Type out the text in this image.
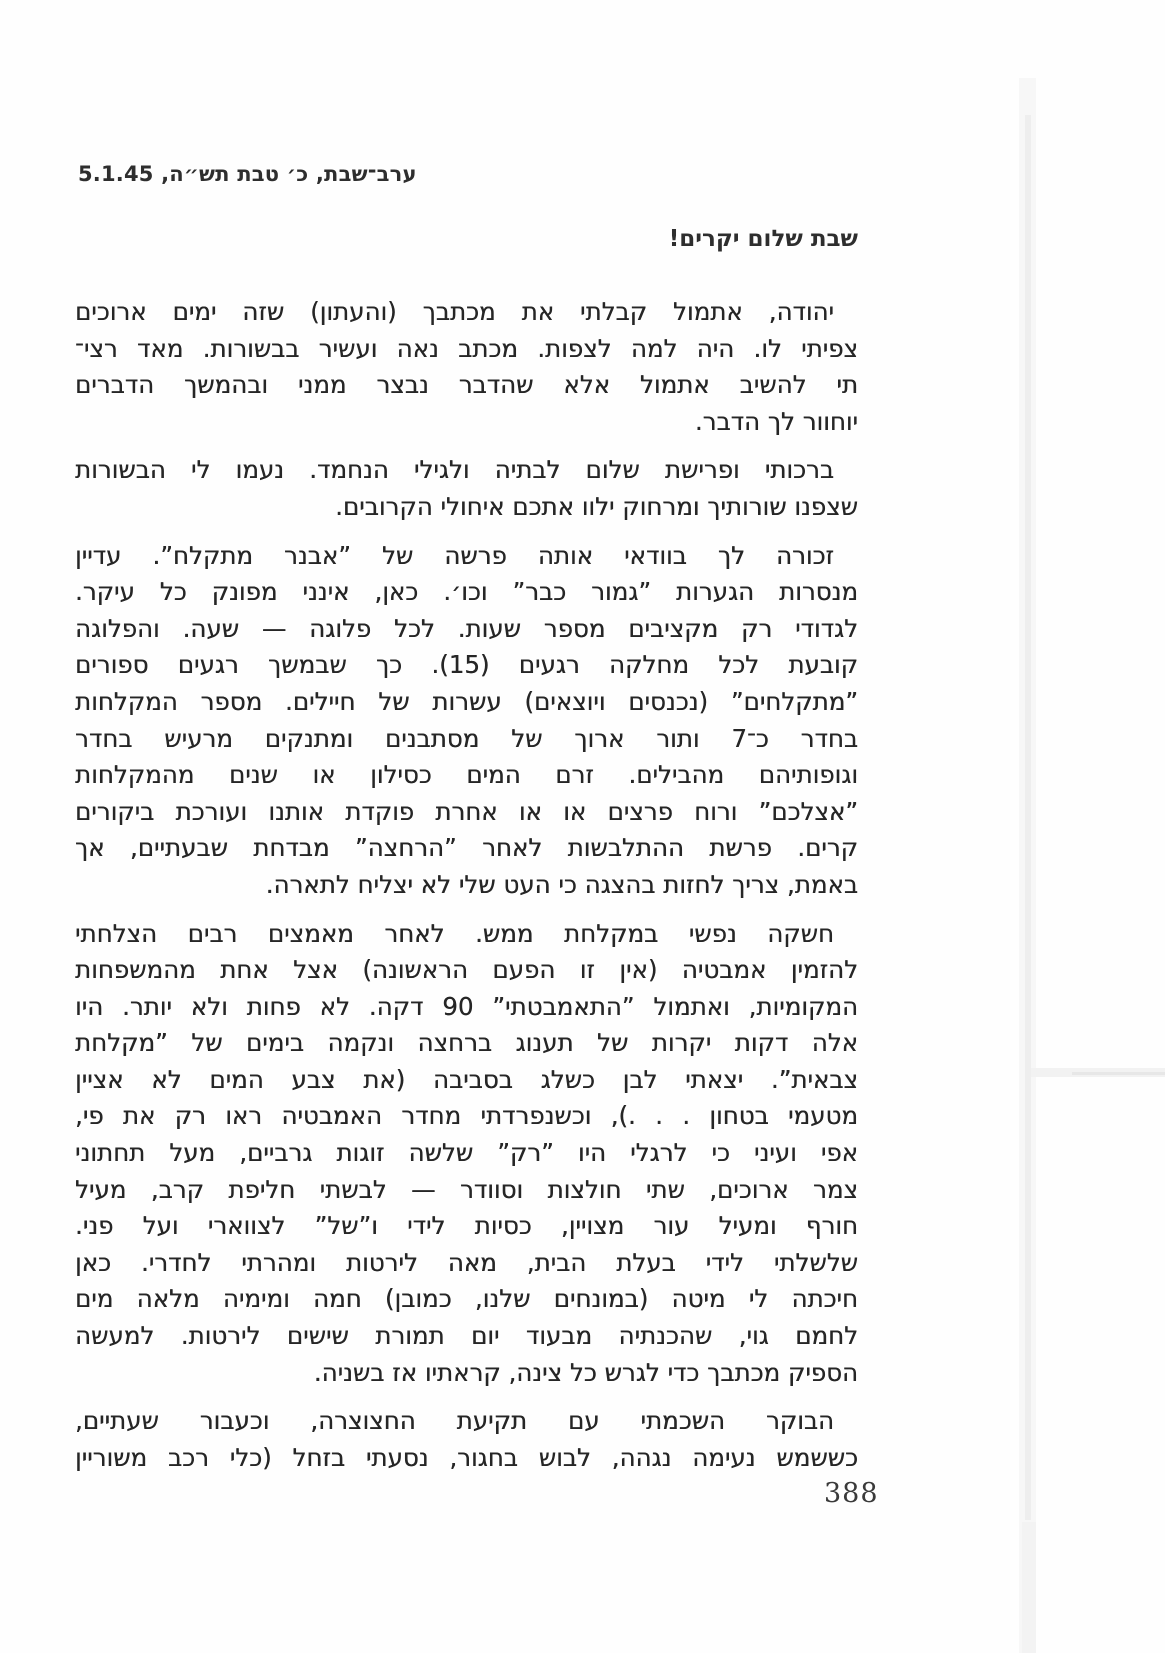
ערב־שבת, כ׳ טבת תש״ה, 5.1.45
שבת שלום יקרים!
יהודה, אתמול קבלתי את מכתבך (והעתון) שזה ימים ארוכים
צפיתי לו. היה למה לצפות. מכתב נאה ועשיר בבשורות. מאד רצי־
תי להשיב אתמול אלא שהדבר נבצר ממני ובהמשך הדברים
יוחוור לך הדבר.
ברכותי ופרישת שלום לבתיה ולגילי הנחמד. נעמו לי הבשורות
שצפנו שורותיך ומרחוק ילוו אתכם איחולי הקרובים.
זכורה לך בוודאי אותה פרשה של ”אבנר מתקלח”. עדיין
מנסרות הגערות ”גמור כבר” וכו׳. כאן, אינני מפונק כל עיקר.
לגדודי רק מקציבים מספר שעות. לכל פלוגה — שעה. והפלוגה
קובעת לכל מחלקה רגעים (15). כך שבמשך רגעים ספורים
”מתקלחים” (נכנסים ויוצאים) עשרות של חיילים. מספר המקלחות
בחדר כ־7 ותור ארוך של מסתבנים ומתנקים מרעיש בחדר
וגופותיהם מהבילים. זרם המים כסילון או שנים מהמקלחות
”אצלכם” ורוח פרצים או או אחרת פוקדת אותנו ועורכת ביקורים
קרים. פרשת ההתלבשות לאחר ”הרחצה” מבדחת שבעתיים, אך
באמת, צריך לחזות בהצגה כי העט שלי לא יצליח לתארה.
חשקה נפשי במקלחת ממש. לאחר מאמצים רבים הצלחתי
להזמין אמבטיה (אין זו הפעם הראשונה) אצל אחת מהמשפחות
המקומיות, ואתמול ”התאמבטתי” 90 דקה. לא פחות ולא יותר. היו
אלה דקות יקרות של תענוג ברחצה ונקמה בימים של ”מקלחת
צבאית”. יצאתי לבן כשלג בסביבה (את צבע המים לא אציין
מטעמי בטחון . . .), וכשנפרדתי מחדר האמבטיה ראו רק את פי,
אפי ועיני כי לרגלי היו ”רק” שלשה זוגות גרביים, מעל תחתוני
צמר ארוכים, שתי חולצות וסוודר — לבשתי חליפת קרב, מעיל
חורף ומעיל עור מצויין, כסיות לידי ו”של” לצווארי ועל פני.
שלשלתי לידי בעלת הבית, מאה לירטות ומהרתי לחדרי. כאן
חיכתה לי מיטה (במונחים שלנו, כמובן) חמה ומימיה מלאה מים
לחמם גוי, שהכנתיה מבעוד יום תמורת שישים לירטות. למעשה
הספיק מכתבך כדי לגרש כל צינה, קראתיו אז בשניה.
הבוקר השכמתי עם תקיעת החצוצרה, וכעבור שעתיים,
כששמש נעימה נגהה, לבוש בחגור, נסעתי בזחל (כלי רכב משוריין
388
